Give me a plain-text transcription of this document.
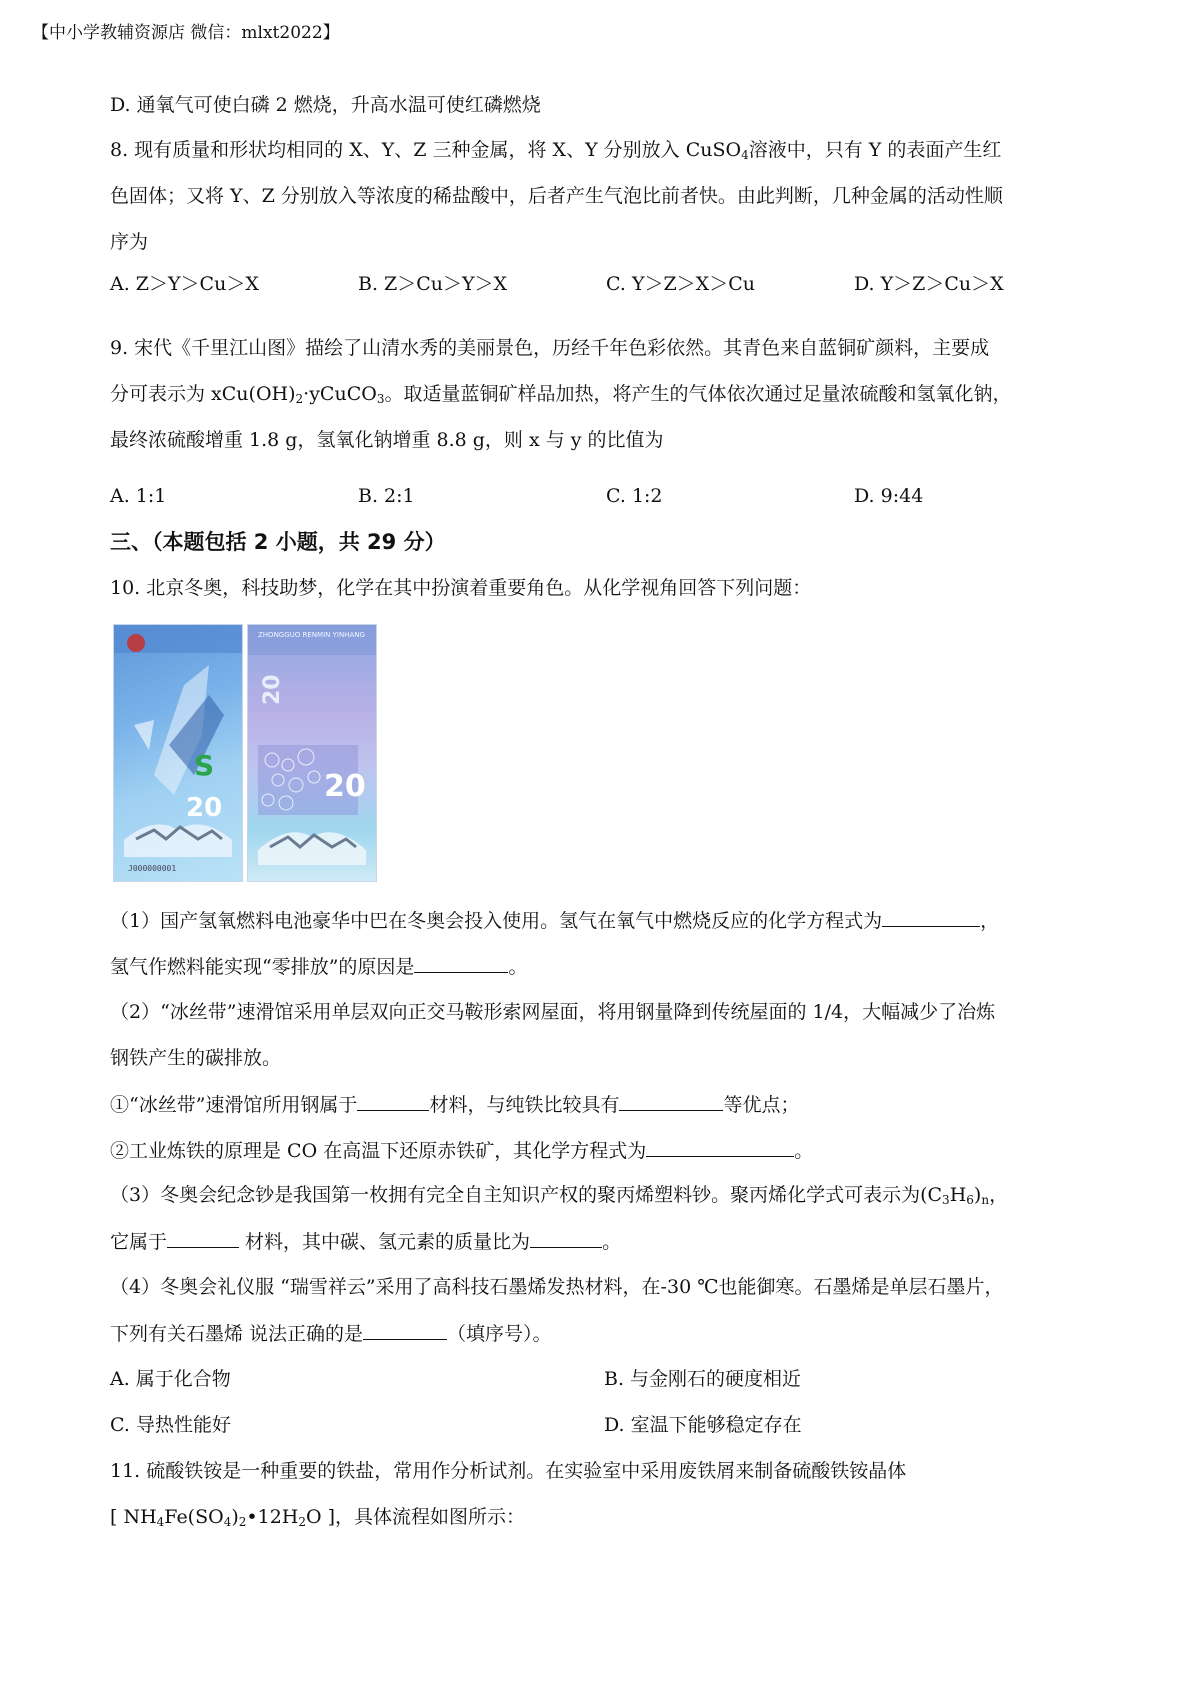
【中小学教辅资源店 微信：mlxt2022】
D. 通氧气可使白磷 2 燃烧，升高水温可使红磷燃烧
8. 现有质量和形状均相同的 X、Y、Z 三种金属，将 X、Y 分别放入 CuSO$_4$溶液中，只有 Y 的表面产生红
色固体；又将 Y、Z 分别放入等浓度的稀盐酸中，后者产生气泡比前者快。由此判断，几种金属的活动性顺
序为
A. Z＞Y＞Cu＞X	B. Z＞Cu＞Y＞X	C. Y＞Z＞X＞Cu	D. Y＞Z＞Cu＞X
9. 宋代《千里江山图》描绘了山清水秀的美丽景色，历经千年色彩依然。其青色来自蓝铜矿颜料，主要成
分可表示为 $xCu(OH)_2\cdot yCuCO_3$。取适量蓝铜矿样品加热，将产生的气体依次通过足量浓硫酸和氢氧化钠，
最终浓硫酸增重 1.8 g，氢氧化钠增重 8.8 g，则 x 与 y 的比值为
A. 1:1	B. 2:1	C. 1:2	D. 9:44
三、（本题包括 2 小题，共 29 分）
10. 北京冬奥，科技助梦，化学在其中扮演着重要角色。从化学视角回答下列问题：
S
20
J000000001
ZHONGGUO RENMIN YINHANG
20
20
（1）国产氢氧燃料电池豪华中巴在冬奥会投入使用。氢气在氧气中燃烧反应的化学方程式为	，
氢气作燃料能实现“零排放”的原因是	。
（2）“冰丝带”速滑馆采用单层双向正交马鞍形索网屋面，将用钢量降到传统屋面的 1/4，大幅减少了冶炼
钢铁产生的碳排放。
①“冰丝带”速滑馆所用钢属于	材料，与纯铁比较具有	等优点；
②工业炼铁的原理是 CO 在高温下还原赤铁矿，其化学方程式为	。
（3）冬奥会纪念钞是我国第一枚拥有完全自主知识产权的聚丙烯塑料钞。聚丙烯化学式可表示为$(C_3H_6)_n$，
它属于	材料，其中碳、氢元素的质量比为	。
（4）冬奥会礼仪服 “瑞雪祥云”采用了高科技石墨烯发热材料，在-30 ℃也能御寒。石墨烯是单层石墨片，
下列有关石墨烯 说法正确的是	（填序号）。
A. 属于化合物	B. 与金刚石的硬度相近
C. 导热性能好	D. 室温下能够稳定存在
11. 硫酸铁铵是一种重要的铁盐，常用作分析试剂。在实验室中采用废铁屑来制备硫酸铁铵晶体
[ $NH_4Fe(SO_4)_2•12H_2O$ ]，具体流程如图所示：
